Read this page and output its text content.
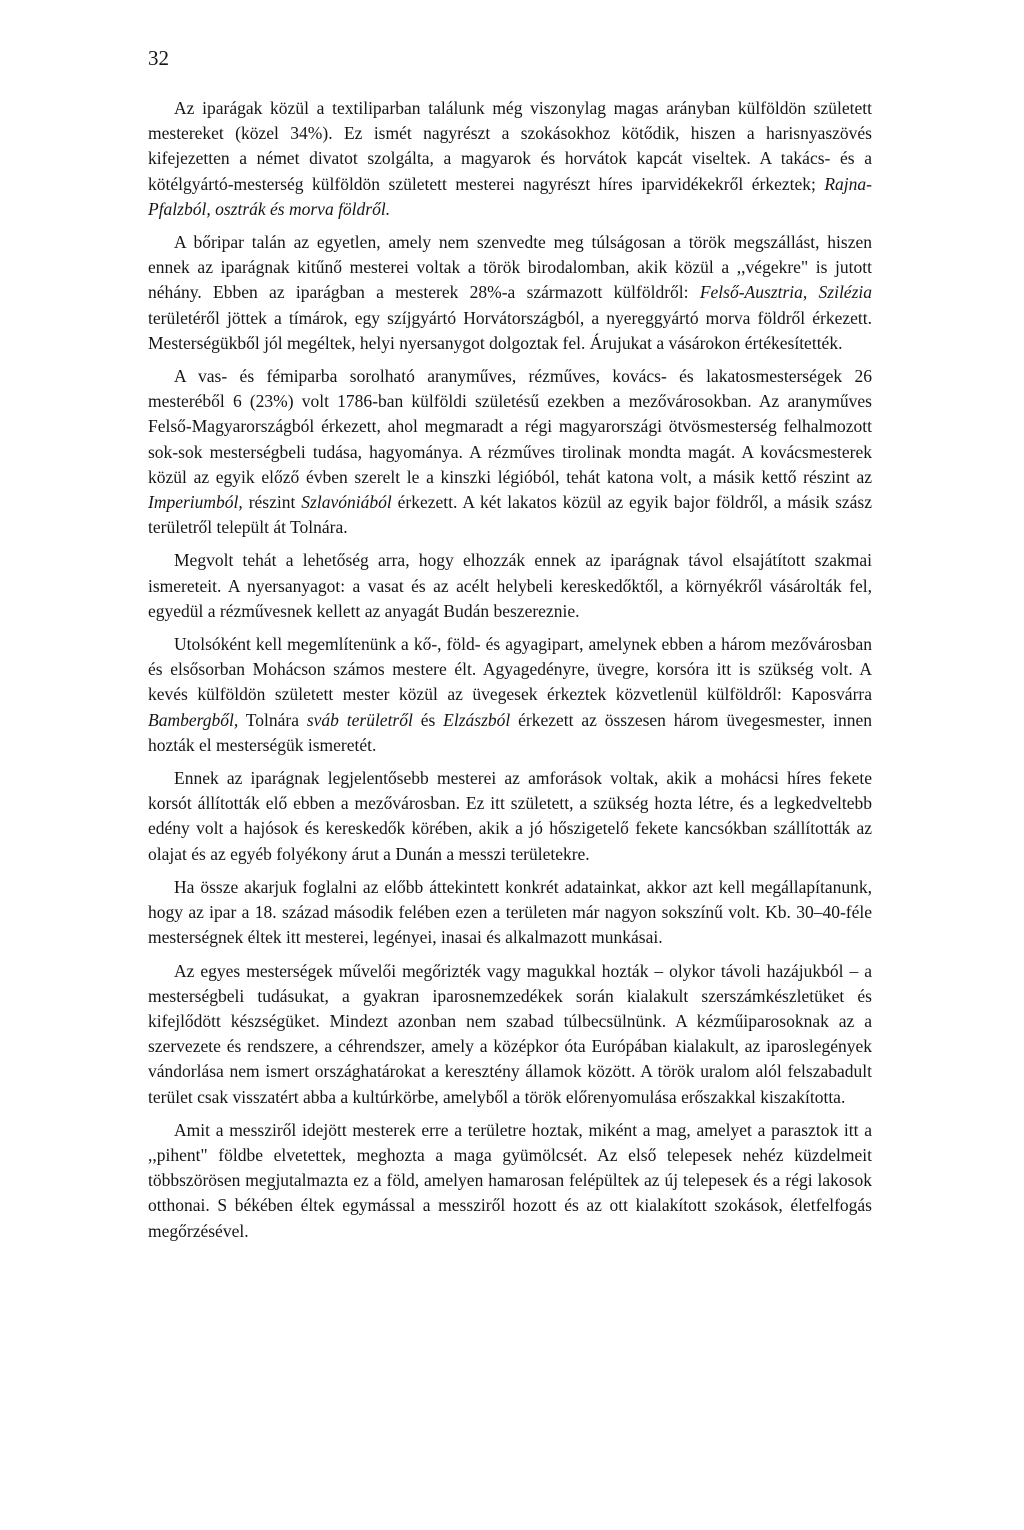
32

Az iparágak közül a textiliparban találunk még viszonylag magas arányban külföldön született mestereket (közel 34%). Ez ismét nagyrészt a szokásokhoz kötődik, hiszen a harisnyaszövés kifejezetten a német divatot szolgálta, a magyarok és horvátok kapcát viseltek. A takács- és a kötélgyártó-mesterség külföldön született mesterei nagyrészt híres iparvidékekről érkeztek; Rajna-Pfalzból, osztrák és morva földről.

A bőripar talán az egyetlen, amely nem szenvedte meg túlságosan a török megszállást, hiszen ennek az iparágnak kitűnő mesterei voltak a török birodalomban, akik közül a ,,végekre" is jutott néhány. Ebben az iparágban a mesterek 28%-a származott külföldről: Felső-Ausztria, Szilézia területéről jöttek a tímárok, egy szíjgyártó Horvátországból, a nyereggyártó morva földről érkezett. Mesterségükből jól megéltek, helyi nyersanygot dolgoztak fel. Árujukat a vásárokon értékesítették.

A vas- és fémiparba sorolható aranyműves, rézműves, kovács- és lakatosmesterségek 26 mesteréből 6 (23%) volt 1786-ban külföldi születésű ezekben a mezővárosokban. Az aranyműves Felső-Magyarországból érkezett, ahol megmaradt a régi magyarországi ötvösmesterség felhalmozott sok-sok mesterségbeli tudása, hagyománya. A rézműves tirolinak mondta magát. A kovácsmesterek közül az egyik előző évben szerelt le a kinszki légióból, tehát katona volt, a másik kettő részint az Imperiumból, részint Szlavóniából érkezett. A két lakatos közül az egyik bajor földről, a másik szász területről települt át Tolnára.

Megvolt tehát a lehetőség arra, hogy elhozzák ennek az iparágnak távol elsajátított szakmai ismereteit. A nyersanyagot: a vasat és az acélt helybeli kereskedőktől, a környékről vásárolták fel, egyedül a rézművesnek kellett az anyagát Budán beszereznie.

Utolsóként kell megemlítenünk a kő-, föld- és agyagipart, amelynek ebben a három mezővárosban és elsősorban Mohácson számos mestere élt. Agyagedényre, üvegre, korsóra itt is szükség volt. A kevés külföldön született mester közül az üvegesek érkeztek közvetlenül külföldről: Kaposvárra Bambergből, Tolnára sváb területről és Elzászból érkezett az összesen három üvegesmester, innen hozták el mesterségük ismeretét.

Ennek az iparágnak legjelentősebb mesterei az amforások voltak, akik a mohácsi híres fekete korsót állították elő ebben a mezővárosban. Ez itt született, a szükség hozta létre, és a legkedveltebb edény volt a hajósok és kereskedők körében, akik a jó hőszigetelő fekete kancsókban szállították az olajat és az egyéb folyékony árut a Dunán a messzi területekre.

Ha össze akarjuk foglalni az előbb áttekintett konkrét adatainkat, akkor azt kell megállapítanunk, hogy az ipar a 18. század második felében ezen a területen már nagyon sokszínű volt. Kb. 30–40-féle mesterségnek éltek itt mesterei, legényei, inasai és alkalmazott munkásai.

Az egyes mesterségek művelői megőrizték vagy magukkal hozták – olykor távoli hazájukból – a mesterségbeli tudásukat, a gyakran iparosnemzedékek során kialakult szerszámkészletüket és kifejlődött készségüket. Mindezt azonban nem szabad túlbecsülnünk. A kézműiparosoknak az a szervezete és rendszere, a céhrendszer, amely a középkor óta Európában kialakult, az iparoslegények vándorlása nem ismert országhatárokat a keresztény államok között. A török uralom alól felszabadult terület csak visszatért abba a kultúrkörbe, amelyből a török előrenyomulása erőszakkal kiszakította.

Amit a messziről idejött mesterek erre a területre hoztak, miként a mag, amelyet a parasztok itt a ,,pihent" földbe elvetettek, meghozta a maga gyümölcsét. Az első telepesek nehéz küzdelmeit többszörösen megjutalmazta ez a föld, amelyen hamarosan felépültek az új telepesek és a régi lakosok otthonai. S békében éltek egymással a messziről hozott és az ott kialakított szokások, életfelfogás megőrzésével.
